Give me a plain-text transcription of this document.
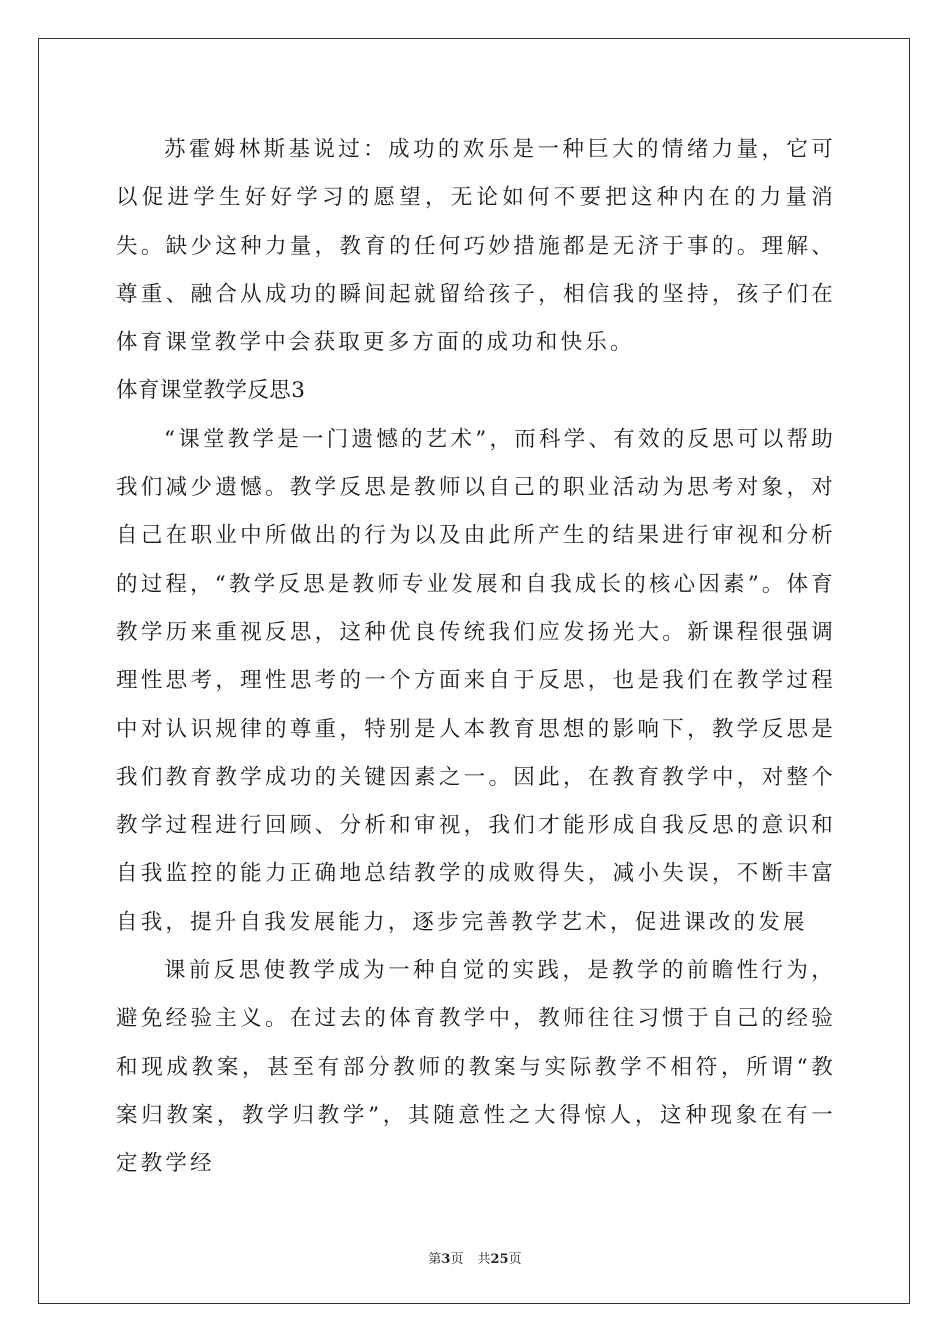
苏霍姆林斯基说过：成功的欢乐是一种巨大的情绪力量，它可以促进学生好好学习的愿望，无论如何不要把这种内在的力量消失。缺少这种力量，教育的任何巧妙措施都是无济于事的。理解、尊重、融合从成功的瞬间起就留给孩子，相信我的坚持，孩子们在体育课堂教学中会获取更多方面的成功和快乐。

体育课堂教学反思3

“课堂教学是一门遗憾的艺术”，而科学、有效的反思可以帮助我们减少遗憾。教学反思是教师以自己的职业活动为思考对象，对自己在职业中所做出的行为以及由此所产生的结果进行审视和分析的过程，“教学反思是教师专业发展和自我成长的核心因素”。体育教学历来重视反思，这种优良传统我们应发扬光大。新课程很强调理性思考，理性思考的一个方面来自于反思，也是我们在教学过程中对认识规律的尊重，特别是人本教育思想的影响下，教学反思是我们教育教学成功的关键因素之一。因此，在教育教学中，对整个教学过程进行回顾、分析和审视，我们才能形成自我反思的意识和自我监控的能力正确地总结教学的成败得失，减小失误，不断丰富自我，提升自我发展能力，逐步完善教学艺术，促进课改的发展

课前反思使教学成为一种自觉的实践，是教学的前瞻性行为，避免经验主义。在过去的体育教学中，教师往往习惯于自己的经验和现成教案，甚至有部分教师的教案与实际教学不相符，所谓“教案归教案，教学归教学”，其随意性之大得惊人，这种现象在有一定教学经

第3页 共25页
